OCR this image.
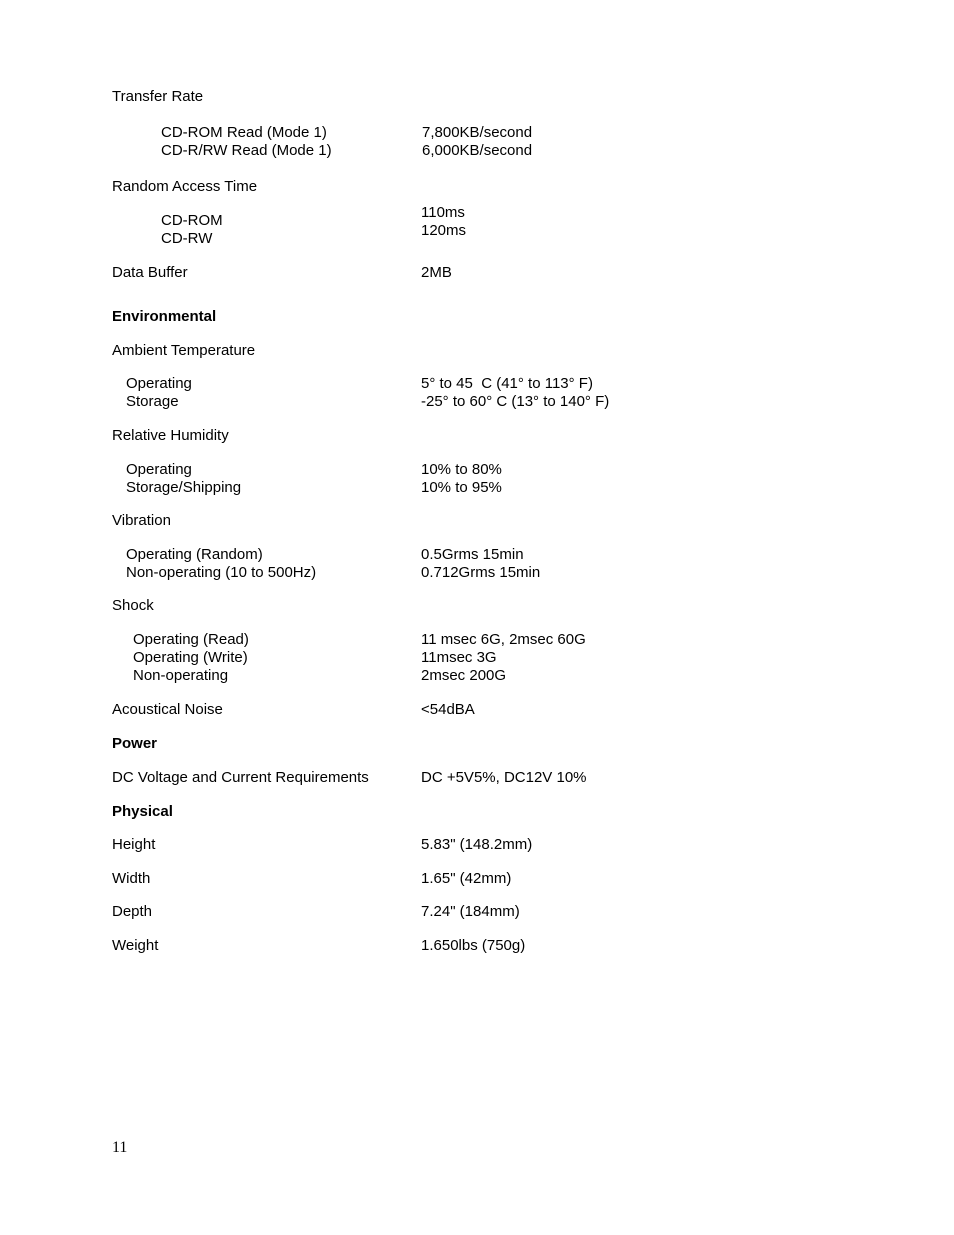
Transfer Rate
CD-ROM Read (Mode 1)	7,800KB/second
CD-R/RW Read (Mode 1)	6,000KB/second
Random Access Time
CD-ROM	110ms
CD-RW	120ms
Data Buffer	2MB
Environmental
Ambient Temperature
Operating	5° to 45  C (41° to 113° F)
Storage	-25° to 60° C (13° to 140° F)
Relative Humidity
Operating	10% to 80%
Storage/Shipping	10% to 95%
Vibration
Operating (Random)	0.5Grms 15min
Non-operating (10 to 500Hz)	0.712Grms 15min
Shock
Operating (Read)	11 msec 6G, 2msec 60G
Operating (Write)	11msec 3G
Non-operating	2msec 200G
Acoustical Noise	<54dBA
Power
DC Voltage and Current Requirements	DC +5V5%, DC12V 10%
Physical
Height	5.83" (148.2mm)
Width	1.65" (42mm)
Depth	7.24" (184mm)
Weight	1.650lbs (750g)
11
